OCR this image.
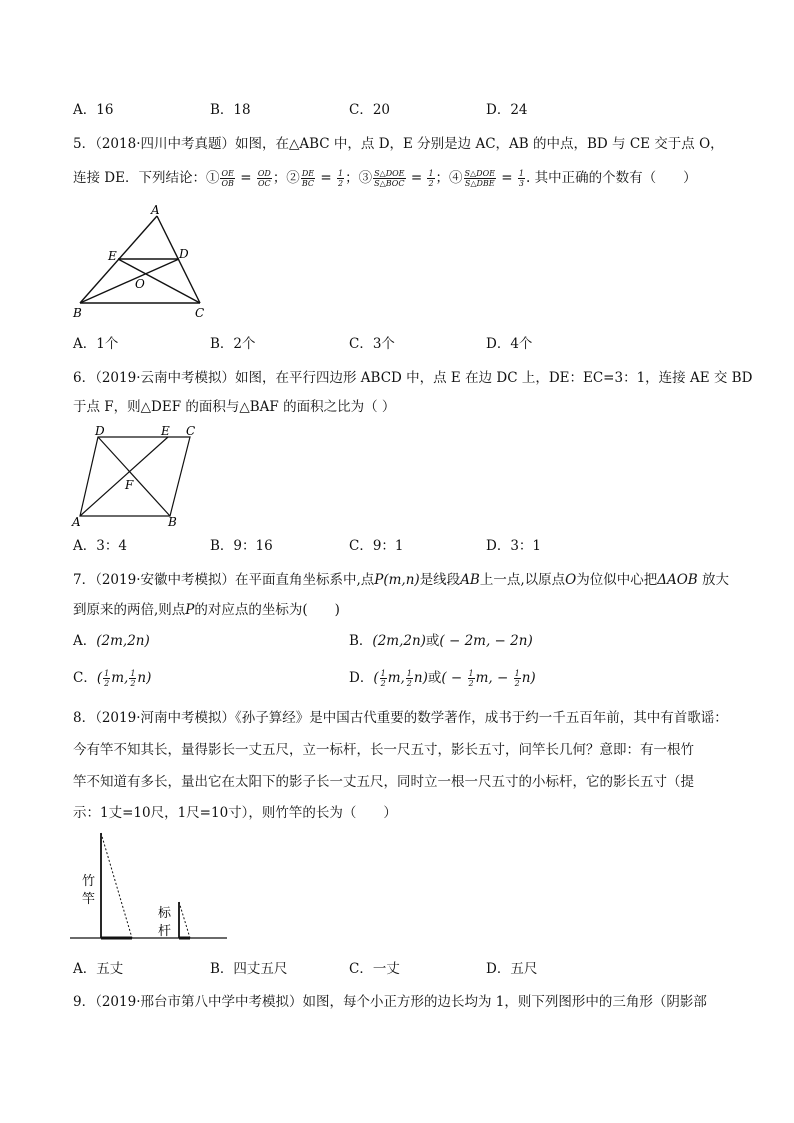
A．16	B．18	C．20	D．24
5．（2018·四川中考真题）如图，在△ABC 中，点 D，E 分别是边 AC，AB 的中点，BD 与 CE 交于点 O，
连接 DE．下列结论：① $\frac{OE}{OB} = \frac{OD}{OC}$ ；② $\frac{DE}{BC} = \frac{1}{2}$ ；③ $\frac{\text{S△DOE}}{\text{S△BOC}} = \frac{1}{2}$ ；④ $\frac{\text{S△DOE}}{\text{S△DBE}} = \frac{1}{3}$ . 其中正确的个数有（　　）
A
E	D
O
B	C
A．1个	B．2个	C．3个	D．4个
6．（2019·云南中考模拟）如图，在平行四边形 ABCD 中，点 E 在边 DC 上，DE：EC=3：1，连接 AE 交 BD
于点 F，则△DEF 的面积与△BAF 的面积之比为（ ）
D	E C
F
A	B
A．3：4	B．9：16	C．9：1	D．3：1
7．（2019·安徽中考模拟）在平面直角坐标系中,点P(m,n)是线段AB上一点,以原点O为位似中心把ΔAOB 放大
到原来的两倍,则点P的对应点的坐标为(　　)
A．(2m,2n)	B．(2m,2n)或( − 2m, − 2n)
C．( $\frac{1}{2} m$, $\frac{1}{2} n$)	D．( $\frac{1}{2} m$, $\frac{1}{2} n$)或( − $\frac{1}{2} m$, − $\frac{1}{2} n$)
8．（2019·河南中考模拟）《孙子算经》是中国古代重要的数学著作，成书于约一千五百年前，其中有首歌谣：
今有竿不知其长，量得影长一丈五尺，立一标杆，长一尺五寸，影长五寸，问竿长几何？意即：有一根竹
竿不知道有多长，量出它在太阳下的影子长一丈五尺，同时立一根一尺五寸的小标杆，它的影长五寸（提
示：1丈=10尺，1尺=10寸），则竹竿的长为（　　）
竹
竿
标
杆
A．五丈	B．四丈五尺	C．一丈	D．五尺
9．（2019·邢台市第八中学中考模拟）如图，每个小正方形的边长均为 1，则下列图形中的三角形（阴影部
